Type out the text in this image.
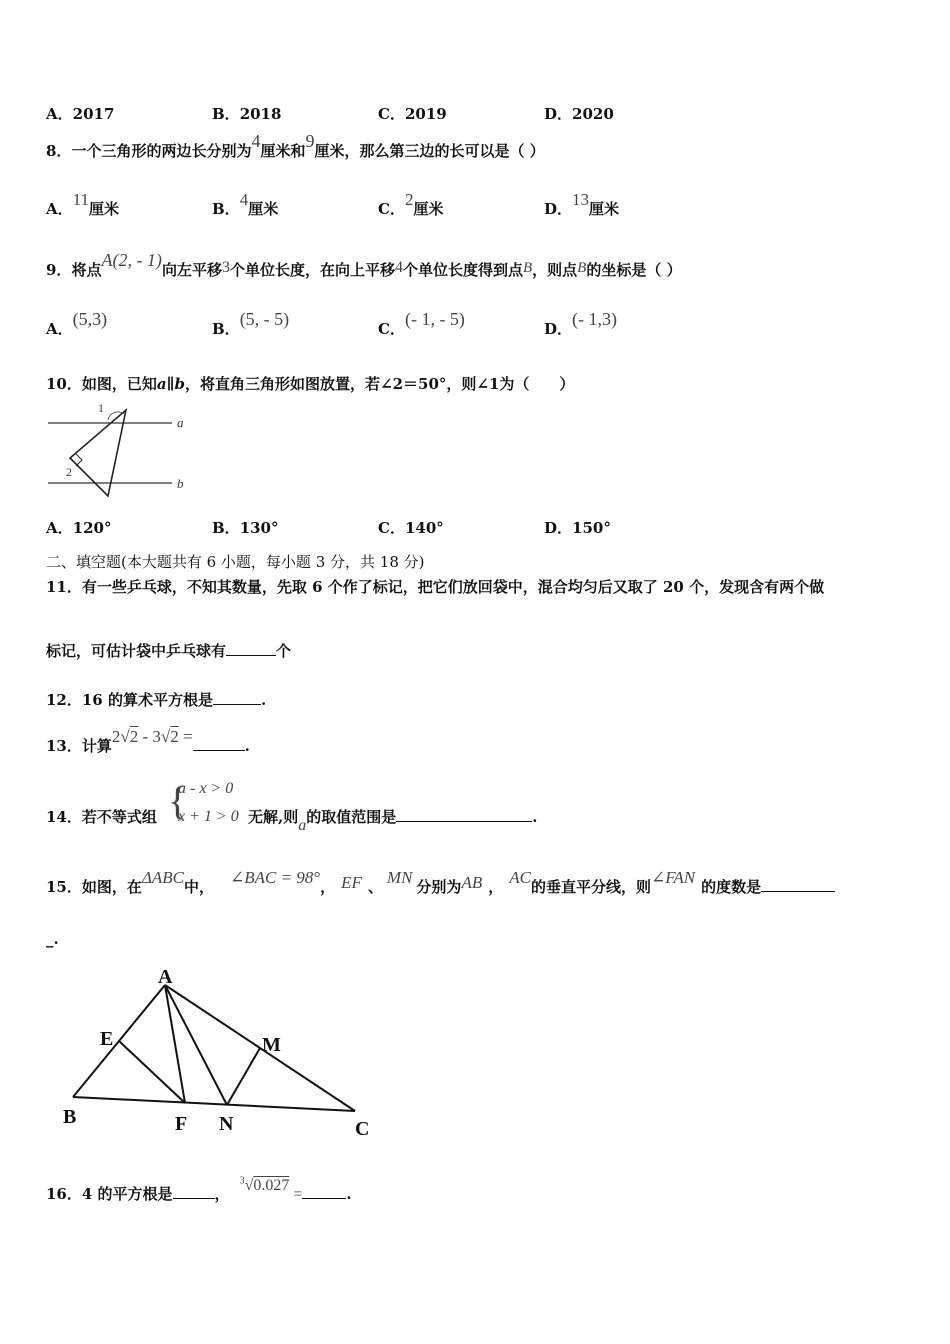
A．2017	B．2018	C．2019	D．2020
8．一个三角形的两边长分别为4厘米和9厘米，那么第三边的长可以是（ ）
A．11厘米	B．4厘米	C．2厘米	D．13厘米
9．将点A(2, - 1)向左平移3个单位长度，在向上平移4个单位长度得到点B，则点B的坐标是（ ）
A．(5,3)	B．(5, - 5)	C．(- 1, - 5)	D．(- 1,3)
10．如图，已知a∥b，将直角三角形如图放置，若∠2＝50°，则∠1为（　　）
1
2
a
b
A．120°	B．130°	C．140°	D．150°
二、填空题(本大题共有 6 小题，每小题 3 分，共 18 分)
11．有一些乒乓球，不知其数量，先取 6 个作了标记，把它们放回袋中，混合均匀后又取了 20 个，发现含有两个做
标记，可估计袋中乒乓球有	个
12．16 的算术平方根是	.
13．计算2√2 - 3√2 =	.
14．若不等式组 {
a - x > 0
x + 1 > 0 无解,则a的取值范围是	.
15．如图，在ΔABC中， ∠BAC = 98°， EF 、 MN 分别为AB ， AC的垂直平分线，则∠FAN 的度数是
_.
A
E	M
B	F N	C
16．4 的平方根是	，$^3$√0.027=	.
